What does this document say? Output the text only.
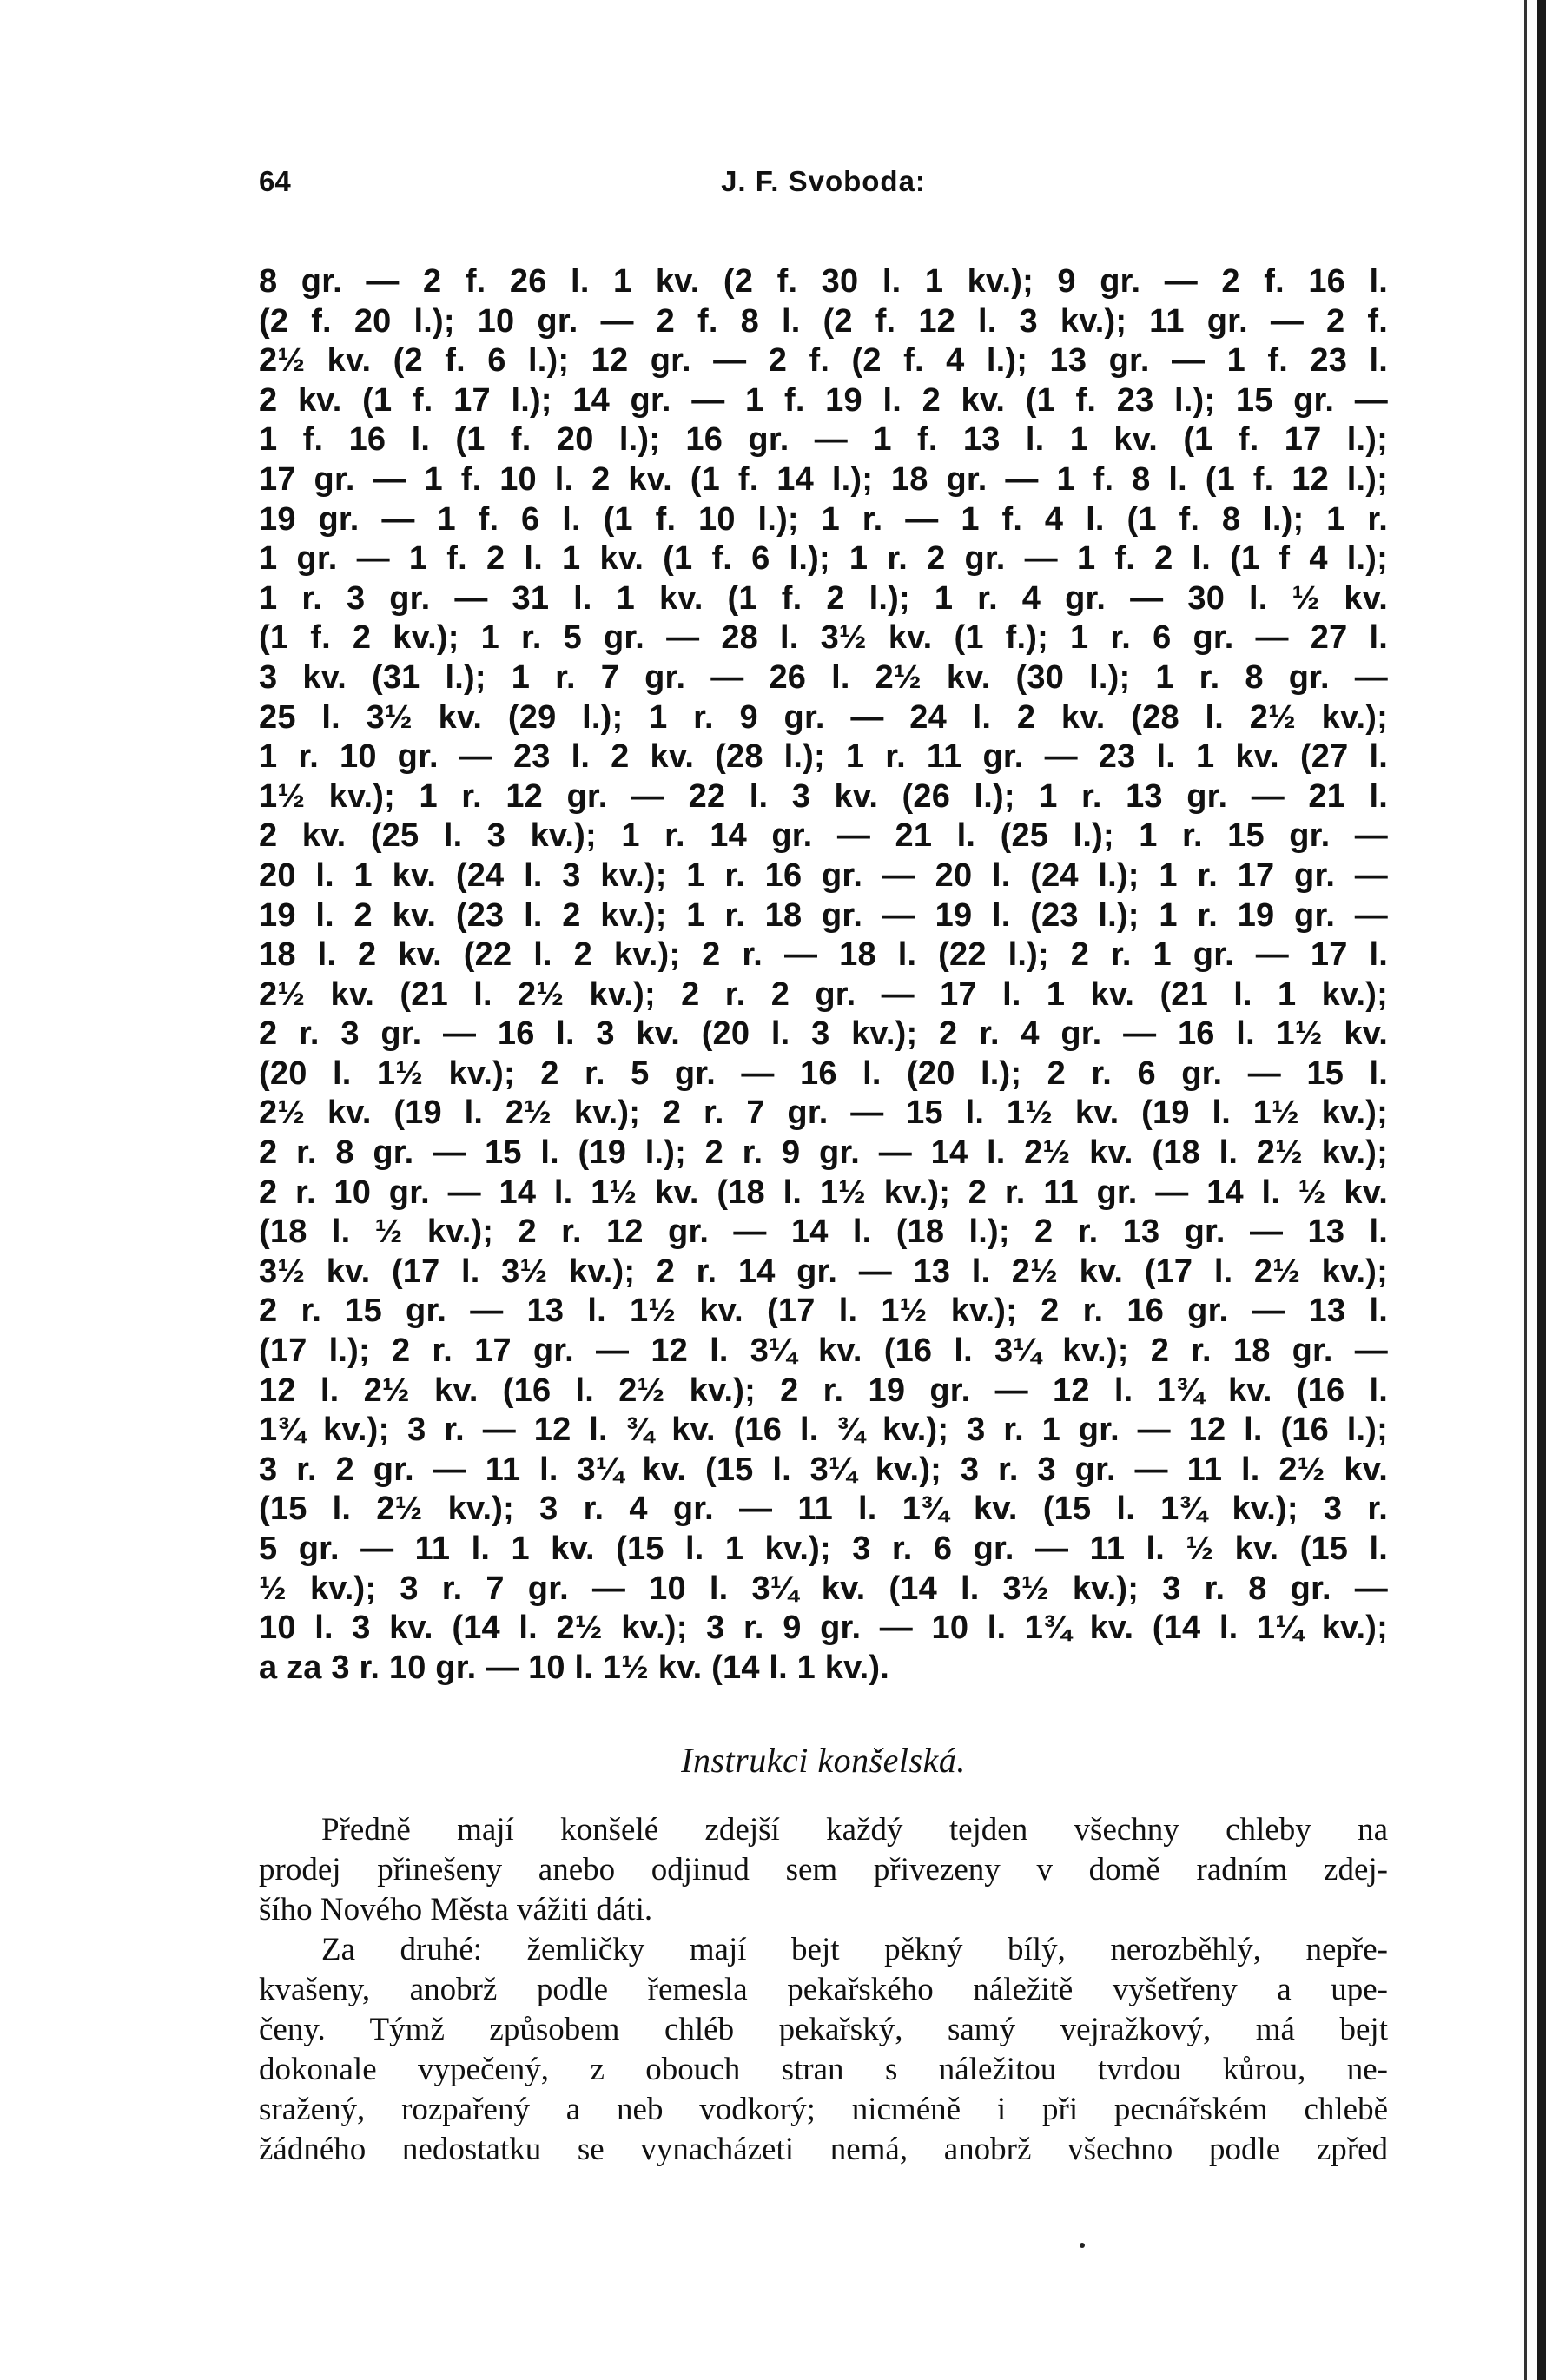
64	J. F. Svoboda:
8 gr. — 2 f. 26 l. 1 kv. (2 f. 30 l. 1 kv.); 9 gr. — 2 f. 16 l.
(2 f. 20 l.); 10 gr. — 2 f. 8 l. (2 f. 12 l. 3 kv.); 11 gr. — 2 f.
2½ kv. (2 f. 6 l.); 12 gr. — 2 f. (2 f. 4 l.); 13 gr. — 1 f. 23 l.
2 kv. (1 f. 17 l.); 14 gr. — 1 f. 19 l. 2 kv. (1 f. 23 l.); 15 gr. —
1 f. 16 l. (1 f. 20 l.); 16 gr. — 1 f. 13 l. 1 kv. (1 f. 17 l.);
17 gr. — 1 f. 10 l. 2 kv. (1 f. 14 l.); 18 gr. — 1 f. 8 l. (1 f. 12 l.);
19 gr. — 1 f. 6 l. (1 f. 10 l.); 1 r. — 1 f. 4 l. (1 f. 8 l.); 1 r.
1 gr. — 1 f. 2 l. 1 kv. (1 f. 6 l.); 1 r. 2 gr. — 1 f. 2 l. (1 f 4 l.);
1 r. 3 gr. — 31 l. 1 kv. (1 f. 2 l.); 1 r. 4 gr. — 30 l. ½ kv.
(1 f. 2 kv.); 1 r. 5 gr. — 28 l. 3½ kv. (1 f.); 1 r. 6 gr. — 27 l.
3 kv. (31 l.); 1 r. 7 gr. — 26 l. 2½ kv. (30 l.); 1 r. 8 gr. —
25 l. 3½ kv. (29 l.); 1 r. 9 gr. — 24 l. 2 kv. (28 l. 2½ kv.);
1 r. 10 gr. — 23 l. 2 kv. (28 l.); 1 r. 11 gr. — 23 l. 1 kv. (27 l.
1½ kv.); 1 r. 12 gr. — 22 l. 3 kv. (26 l.); 1 r. 13 gr. — 21 l.
2 kv. (25 l. 3 kv.); 1 r. 14 gr. — 21 l. (25 l.); 1 r. 15 gr. —
20 l. 1 kv. (24 l. 3 kv.); 1 r. 16 gr. — 20 l. (24 l.); 1 r. 17 gr. —
19 l. 2 kv. (23 l. 2 kv.); 1 r. 18 gr. — 19 l. (23 l.); 1 r. 19 gr. —
18 l. 2 kv. (22 l. 2 kv.); 2 r. — 18 l. (22 l.); 2 r. 1 gr. — 17 l.
2½ kv. (21 l. 2½ kv.); 2 r. 2 gr. — 17 l. 1 kv. (21 l. 1 kv.);
2 r. 3 gr. — 16 l. 3 kv. (20 l. 3 kv.); 2 r. 4 gr. — 16 l. 1½ kv.
(20 l. 1½ kv.); 2 r. 5 gr. — 16 l. (20 l.); 2 r. 6 gr. — 15 l.
2½ kv. (19 l. 2½ kv.); 2 r. 7 gr. — 15 l. 1½ kv. (19 l. 1½ kv.);
2 r. 8 gr. — 15 l. (19 l.); 2 r. 9 gr. — 14 l. 2½ kv. (18 l. 2½ kv.);
2 r. 10 gr. — 14 l. 1½ kv. (18 l. 1½ kv.); 2 r. 11 gr. — 14 l. ½ kv.
(18 l. ½ kv.); 2 r. 12 gr. — 14 l. (18 l.); 2 r. 13 gr. — 13 l.
3½ kv. (17 l. 3½ kv.); 2 r. 14 gr. — 13 l. 2½ kv. (17 l. 2½ kv.);
2 r. 15 gr. — 13 l. 1½ kv. (17 l. 1½ kv.); 2 r. 16 gr. — 13 l.
(17 l.); 2 r. 17 gr. — 12 l. 3¼ kv. (16 l. 3¼ kv.); 2 r. 18 gr. —
12 l. 2½ kv. (16 l. 2½ kv.); 2 r. 19 gr. — 12 l. 1¾ kv. (16 l.
1¾ kv.); 3 r. — 12 l. ¾ kv. (16 l. ¾ kv.); 3 r. 1 gr. — 12 l. (16 l.);
3 r. 2 gr. — 11 l. 3¼ kv. (15 l. 3¼ kv.); 3 r. 3 gr. — 11 l. 2½ kv.
(15 l. 2½ kv.); 3 r. 4 gr. — 11 l. 1¾ kv. (15 l. 1¾ kv.); 3 r.
5 gr. — 11 l. 1 kv. (15 l. 1 kv.); 3 r. 6 gr. — 11 l. ½ kv. (15 l.
½ kv.); 3 r. 7 gr. — 10 l. 3¼ kv. (14 l. 3½ kv.); 3 r. 8 gr. —
10 l. 3 kv. (14 l. 2½ kv.); 3 r. 9 gr. — 10 l. 1¾ kv. (14 l. 1¼ kv.);
a za 3 r. 10 gr. — 10 l. 1½ kv. (14 l. 1 kv.).
Instrukci konšelská.
Předně mají konšelé zdejší každý tejden všechny chleby na
prodej přinešeny anebo odjinud sem přivezeny v domě radním zdej-
šího Nového Města vážiti dáti.
Za druhé: žemličky mají bejt pěkný bílý, nerozběhlý, nepře-
kvašeny, anobrž podle řemesla pekařského náležitě vyšetřeny a upe-
čeny. Týmž způsobem chléb pekařský, samý vejražkový, má bejt
dokonale vypečený, z obouch stran s náležitou tvrdou kůrou, ne-
sražený, rozpařený a neb vodkorý; nicméně i při pecnářském chlebě
žádného nedostatku se vynacházeti nemá, anobrž všechno podle zpřed
